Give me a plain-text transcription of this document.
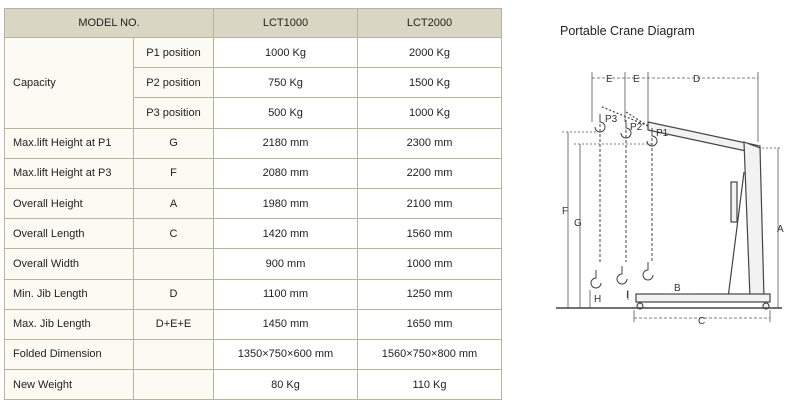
MODEL NO.		LCT1000	LCT2000
Capacity	P1 position	1000 Kg	2000 Kg
	P2 position	750 Kg	1500 Kg
	P3 position	500 Kg	1000 Kg
Max.lift Height at P1	G	2180 mm	2300 mm
Max.lift Height at P3	F	2080 mm	2200 mm
Overall Height	A	1980 mm	2100 mm
Overall Length	C	1420 mm	1560 mm
Overall Width		900 mm	1000 mm
Min. Jib Length	D	1100 mm	1250 mm
Max. Jib Length	D+E+E	1450 mm	1650 mm
Folded Dimension		1350×750×600 mm	1560×750×800 mm
New Weight		80 Kg	110 Kg
Portable Crane Diagram
E E	D
P3
P2
P1
F
G
A
H I
B
C
